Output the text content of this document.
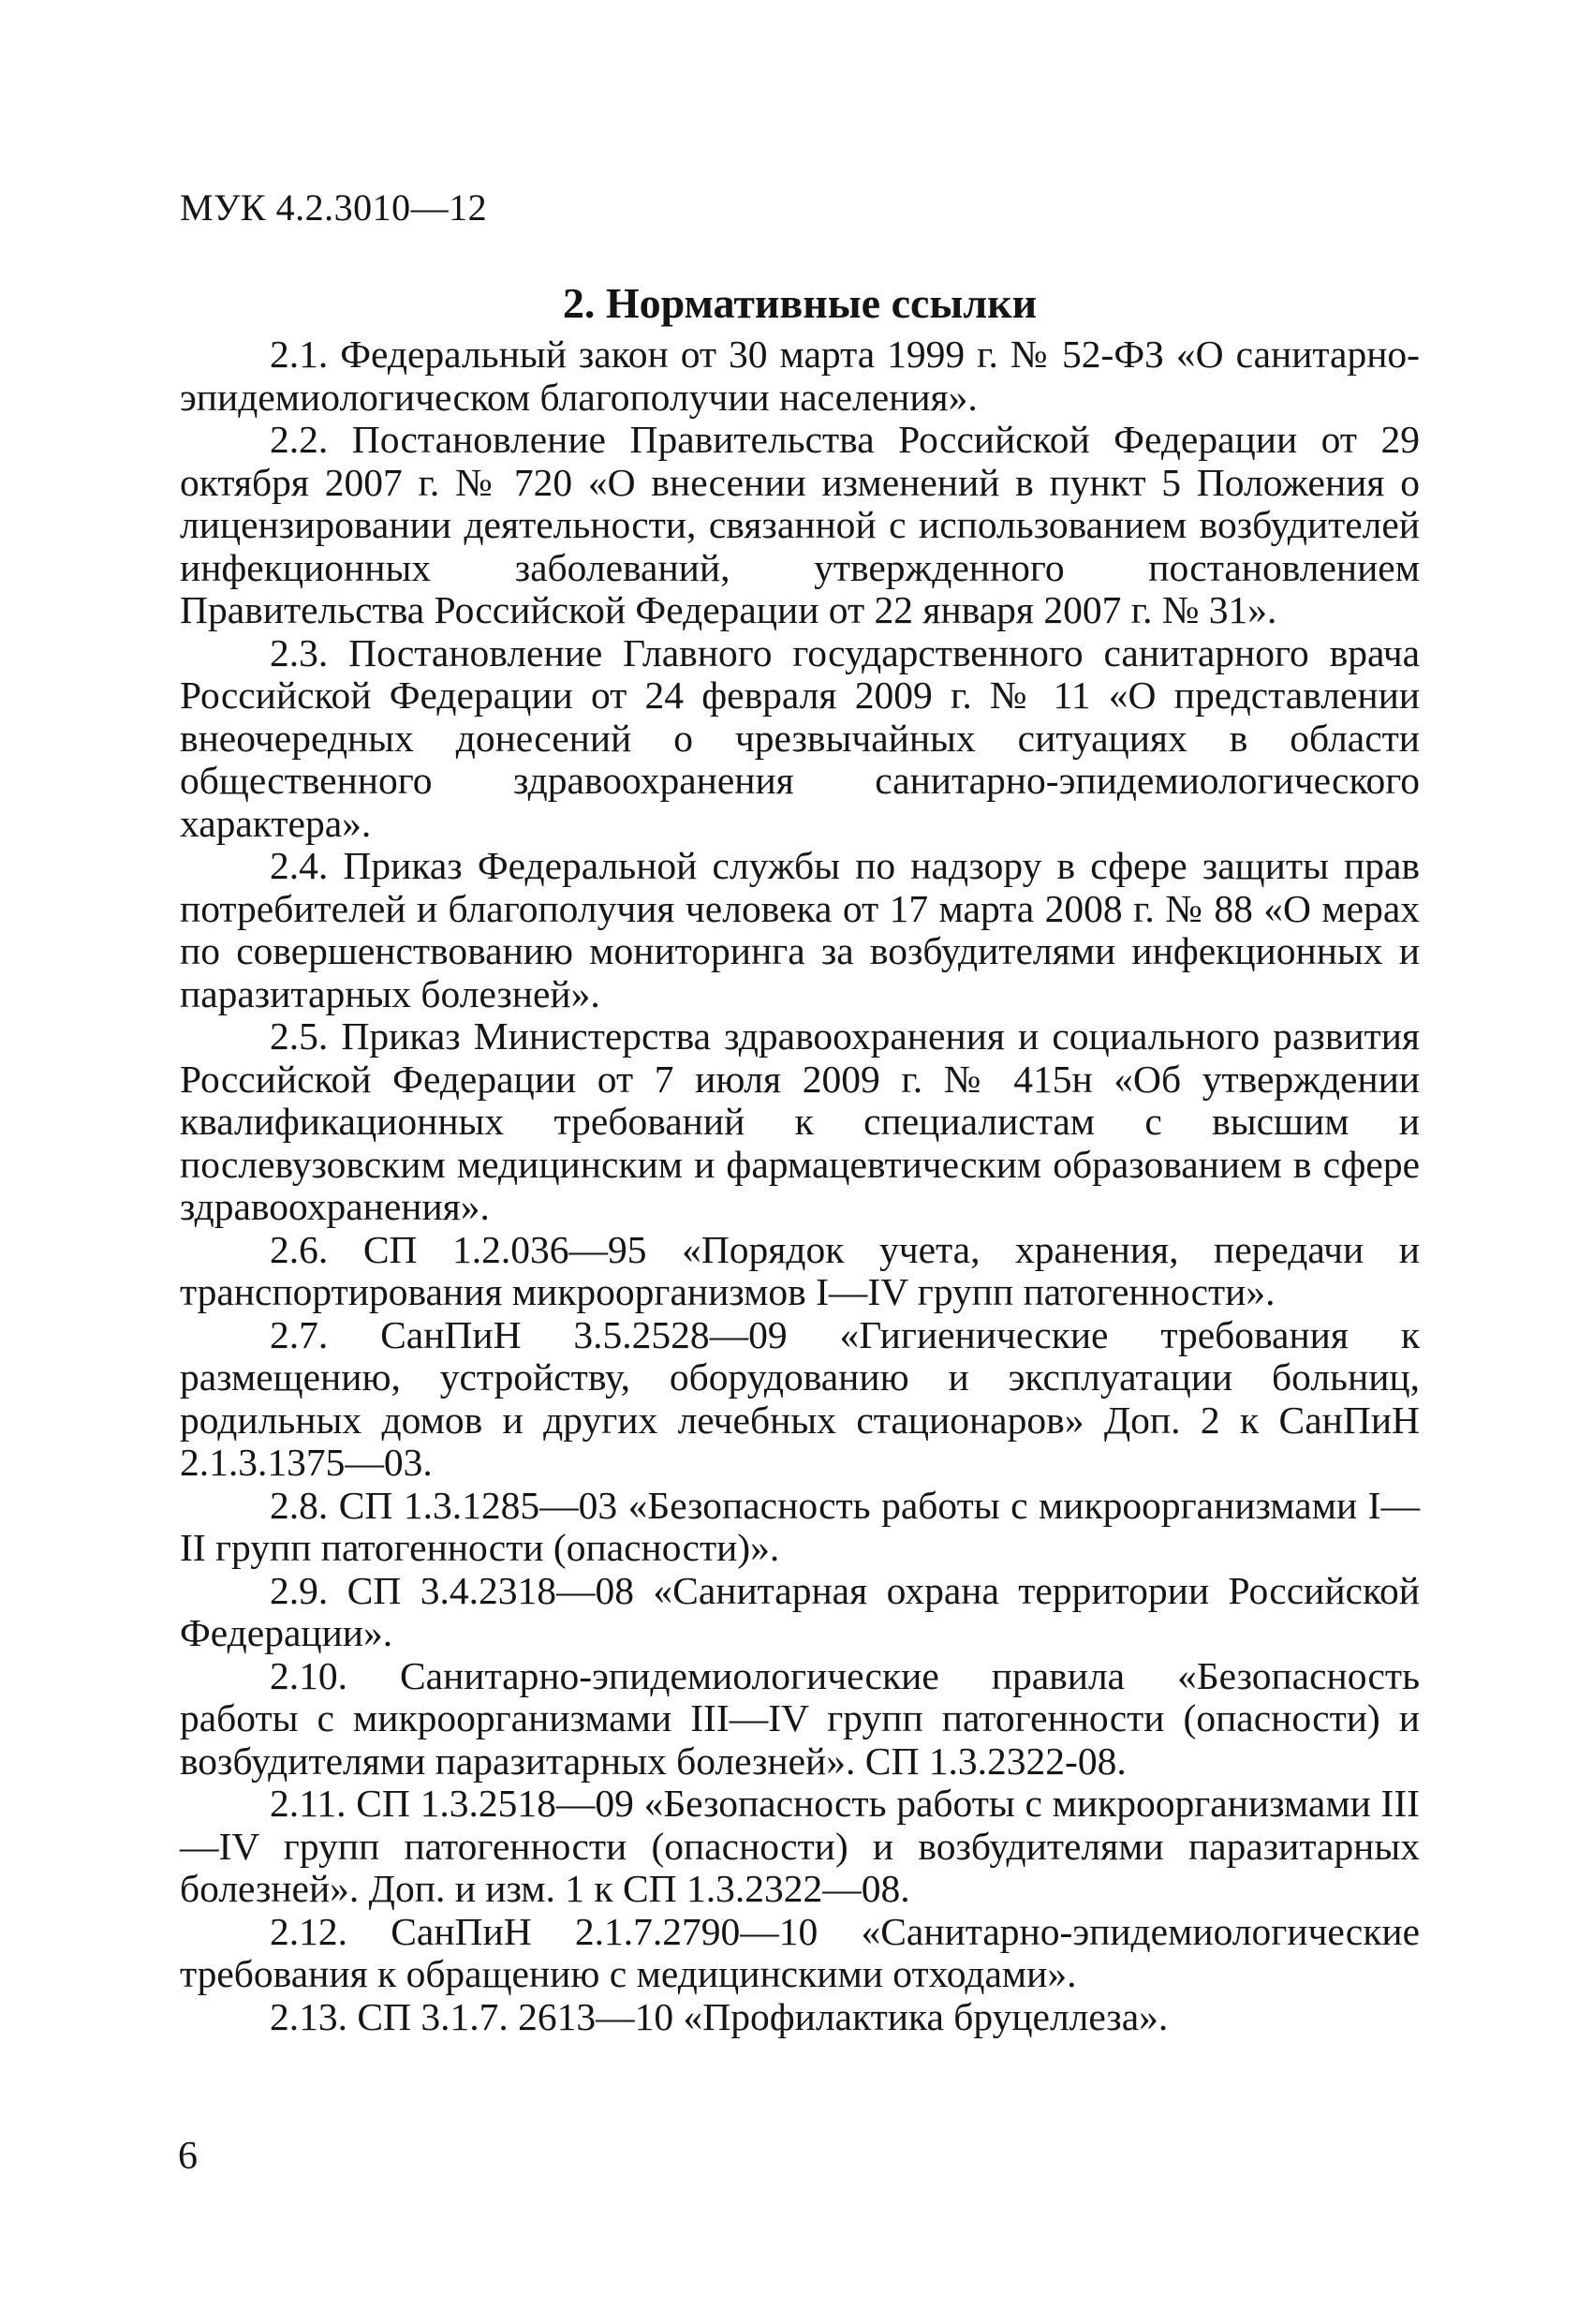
МУК 4.2.3010—12

2. Нормативные ссылки

2.1. Федеральный закон от 30 марта 1999 г. № 52-ФЗ «О санитарно-эпидемиологическом благополучии населения».

2.2. Постановление Правительства Российской Федерации от 29 октября 2007 г. № 720 «О внесении изменений в пункт 5 Положения о лицензировании деятельности, связанной с использованием возбудителей инфекционных заболеваний, утвержденного постановлением Правительства Российской Федерации от 22 января 2007 г. № 31».

2.3. Постановление Главного государственного санитарного врача Российской Федерации от 24 февраля 2009 г. № 11 «О представлении внеочередных донесений о чрезвычайных ситуациях в области общественного здравоохранения санитарно-эпидемиологического характера».

2.4. Приказ Федеральной службы по надзору в сфере защиты прав потребителей и благополучия человека от 17 марта 2008 г. № 88 «О мерах по совершенствованию мониторинга за возбудителями инфекционных и паразитарных болезней».

2.5. Приказ Министерства здравоохранения и социального развития Российской Федерации от 7 июля 2009 г. № 415н «Об утверждении квалификационных требований к специалистам с высшим и послевузовским медицинским и фармацевтическим образованием в сфере здравоохранения».

2.6. СП 1.2.036—95 «Порядок учета, хранения, передачи и транспортирования микроорганизмов I—IV групп патогенности».

2.7. СанПиН 3.5.2528—09 «Гигиенические требования к размещению, устройству, оборудованию и эксплуатации больниц, родильных домов и других лечебных стационаров» Доп. 2 к СанПиН 2.1.3.1375—03.

2.8. СП 1.3.1285—03 «Безопасность работы с микроорганизмами I—II групп патогенности (опасности)».

2.9. СП 3.4.2318—08 «Санитарная охрана территории Российской Федерации».

2.10. Санитарно-эпидемиологические правила «Безопасность работы с микроорганизмами III—IV групп патогенности (опасности) и возбудителями паразитарных болезней». СП 1.3.2322-08.

2.11. СП 1.3.2518—09 «Безопасность работы с микроорганизмами III—IV групп патогенности (опасности) и возбудителями паразитарных болезней». Доп. и изм. 1 к СП 1.3.2322—08.

2.12. СанПиН 2.1.7.2790—10 «Санитарно-эпидемиологические требования к обращению с медицинскими отходами».

2.13. СП 3.1.7. 2613—10 «Профилактика бруцеллеза».

6
